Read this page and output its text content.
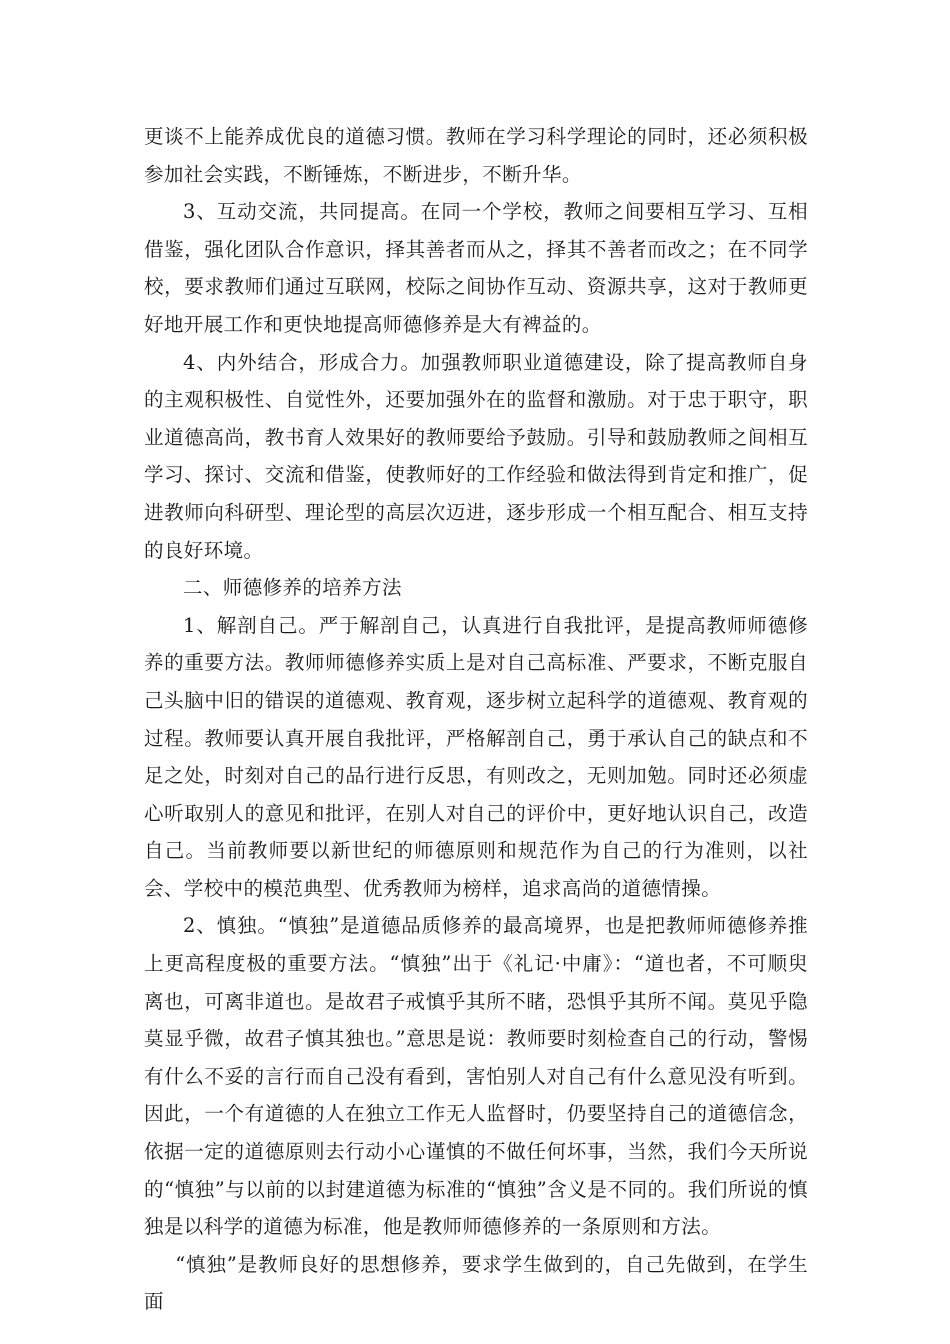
更谈不上能养成优良的道德习惯。教师在学习科学理论的同时，还必须积极参加社会实践，不断锤炼，不断进步，不断升华。

3、互动交流，共同提高。在同一个学校，教师之间要相互学习、互相借鉴，强化团队合作意识，择其善者而从之，择其不善者而改之；在不同学校，要求教师们通过互联网，校际之间协作互动、资源共享，这对于教师更好地开展工作和更快地提高师德修养是大有裨益的。

4、内外结合，形成合力。加强教师职业道德建设，除了提高教师自身的主观积极性、自觉性外，还要加强外在的监督和激励。对于忠于职守，职业道德高尚，教书育人效果好的教师要给予鼓励。引导和鼓励教师之间相互学习、探讨、交流和借鉴，使教师好的工作经验和做法得到肯定和推广，促进教师向科研型、理论型的高层次迈进，逐步形成一个相互配合、相互支持的良好环境。

二、师德修养的培养方法

1、解剖自己。严于解剖自己，认真进行自我批评，是提高教师师德修养的重要方法。教师师德修养实质上是对自己高标准、严要求，不断克服自己头脑中旧的错误的道德观、教育观，逐步树立起科学的道德观、教育观的过程。教师要认真开展自我批评，严格解剖自己，勇于承认自己的缺点和不足之处，时刻对自己的品行进行反思，有则改之，无则加勉。同时还必须虚心听取别人的意见和批评，在别人对自己的评价中，更好地认识自己，改造自己。当前教师要以新世纪的师德原则和规范作为自己的行为准则，以社会、学校中的模范典型、优秀教师为榜样，追求高尚的道德情操。

2、慎独。“慎独”是道德品质修养的最高境界，也是把教师师德修养推上更高程度极的重要方法。“慎独”出于《礼记·中庸》：“道也者，不可顺臾离也，可离非道也。是故君子戒慎乎其所不睹，恐惧乎其所不闻。莫见乎隐莫显乎微，故君子慎其独也。”意思是说：教师要时刻检查自己的行动，警惕有什么不妥的言行而自己没有看到，害怕别人对自己有什么意见没有听到。因此，一个有道德的人在独立工作无人监督时，仍要坚持自己的道德信念，依据一定的道德原则去行动小心谨慎的不做任何坏事，当然，我们今天所说的“慎独”与以前的以封建道德为标准的“慎独”含义是不同的。我们所说的慎独是以科学的道德为标准，他是教师师德修养的一条原则和方法。

“慎独”是教师良好的思想修养，要求学生做到的，自己先做到，在学生面
